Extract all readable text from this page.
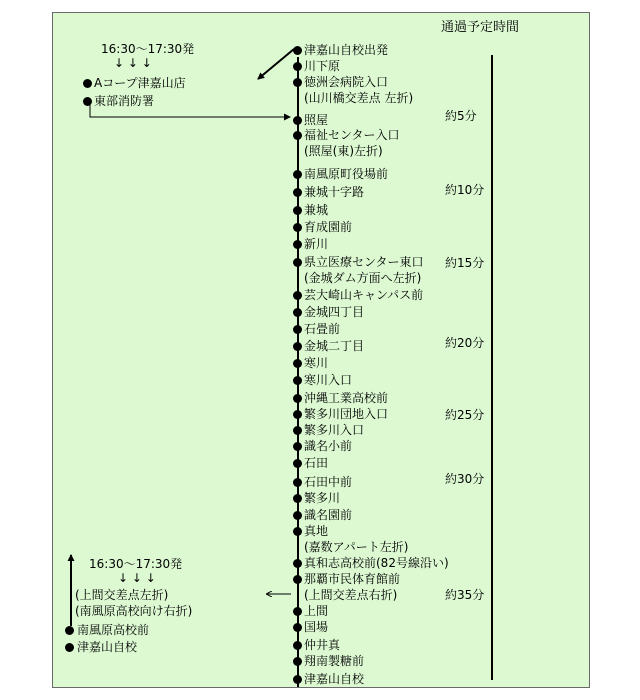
通過予定時間
津嘉山自校出発
川下原
徳洲会病院入口
(山川橋交差点 左折)
照屋
福祉センター入口
(照屋(東)左折)
南風原町役場前
兼城十字路
兼城
育成園前
新川
県立医療センター東口
(金城ダム方面へ左折)
芸大崎山キャンパス前
金城四丁目
石畳前
金城二丁目
寒川
寒川入口
沖縄工業高校前
繁多川団地入口
繁多川入口
識名小前
石田
石田中前
繁多川
識名園前
真地
(嘉数アパート左折)
真和志高校前(82号線沿い)
那覇市民体育館前
(上間交差点右折)
上間
国場
仲井真
翔南製糖前
津嘉山自校
約5分
約10分
約15分
約20分
約25分
約30分
約35分
16:30～17:30発
↓ ↓ ↓
Aコープ津嘉山店
東部消防署
16:30～17:30発
↓ ↓ ↓
(上間交差点左折)
(南風原高校向け右折)
南風原高校前
津嘉山自校
